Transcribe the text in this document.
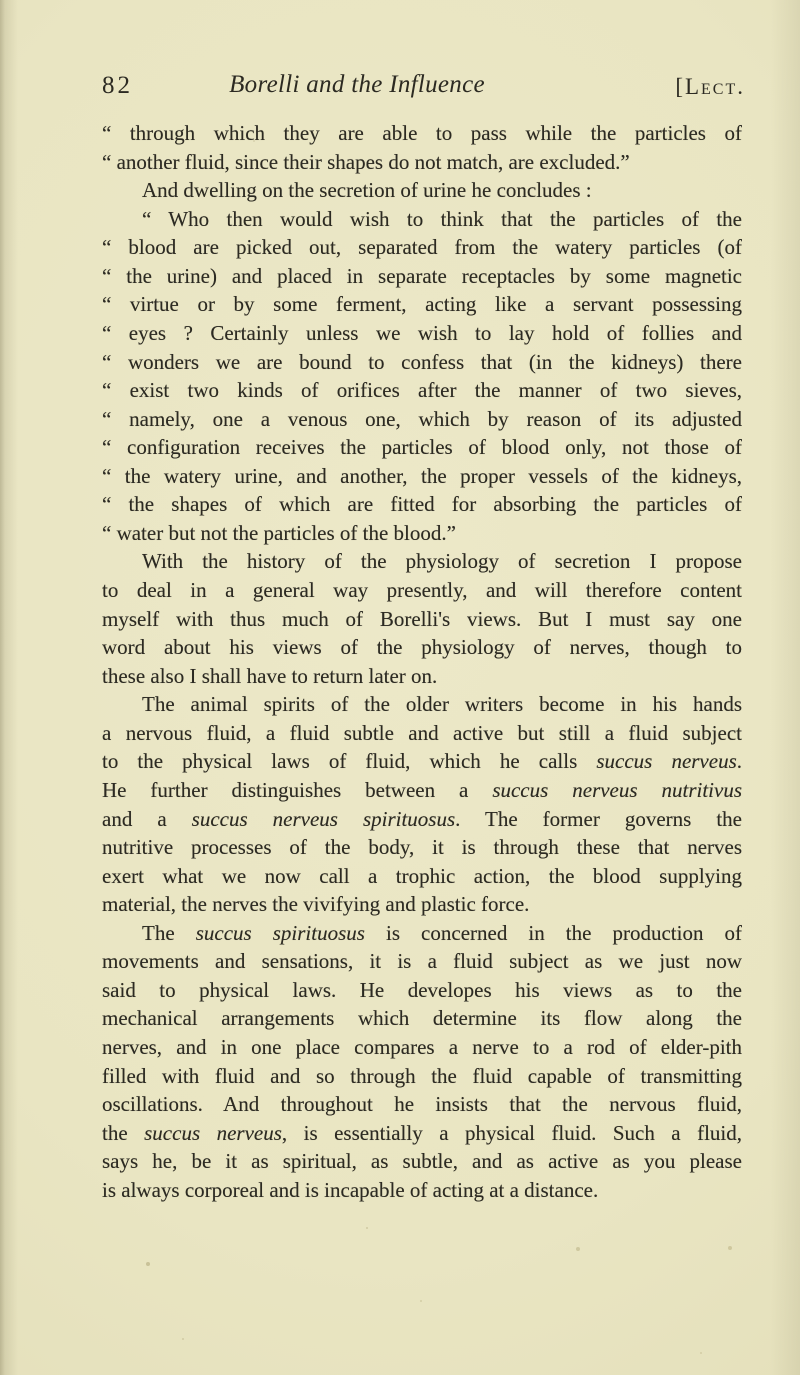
82	Borelli and the Influence	[Lect.
“ through which they are able to pass while the particles of
“ another fluid, since their shapes do not match, are excluded.”
And dwelling on the secretion of urine he concludes :
“ Who then would wish to think that the particles of the
“ blood are picked out, separated from the watery particles (of
“ the urine) and placed in separate receptacles by some magnetic
“ virtue or by some ferment, acting like a servant possessing
“ eyes ? Certainly unless we wish to lay hold of follies and
“ wonders we are bound to confess that (in the kidneys) there
“ exist two kinds of orifices after the manner of two sieves,
“ namely, one a venous one, which by reason of its adjusted
“ configuration receives the particles of blood only, not those of
“ the watery urine, and another, the proper vessels of the kidneys,
“ the shapes of which are fitted for absorbing the particles of
“ water but not the particles of the blood.”
With the history of the physiology of secretion I propose
to deal in a general way presently, and will therefore content
myself with thus much of Borelli's views. But I must say one
word about his views of the physiology of nerves, though to
these also I shall have to return later on.
The animal spirits of the older writers become in his hands
a nervous fluid, a fluid subtle and active but still a fluid subject
to the physical laws of fluid, which he calls succus nerveus.
He further distinguishes between a succus nerveus nutritivus
and a succus nerveus spirituosus. The former governs the
nutritive processes of the body, it is through these that nerves
exert what we now call a trophic action, the blood supplying
material, the nerves the vivifying and plastic force.
The succus spirituosus is concerned in the production of
movements and sensations, it is a fluid subject as we just now
said to physical laws. He developes his views as to the
mechanical arrangements which determine its flow along the
nerves, and in one place compares a nerve to a rod of elder-pith
filled with fluid and so through the fluid capable of transmitting
oscillations. And throughout he insists that the nervous fluid,
the succus nerveus, is essentially a physical fluid. Such a fluid,
says he, be it as spiritual, as subtle, and as active as you please
is always corporeal and is incapable of acting at a distance.
